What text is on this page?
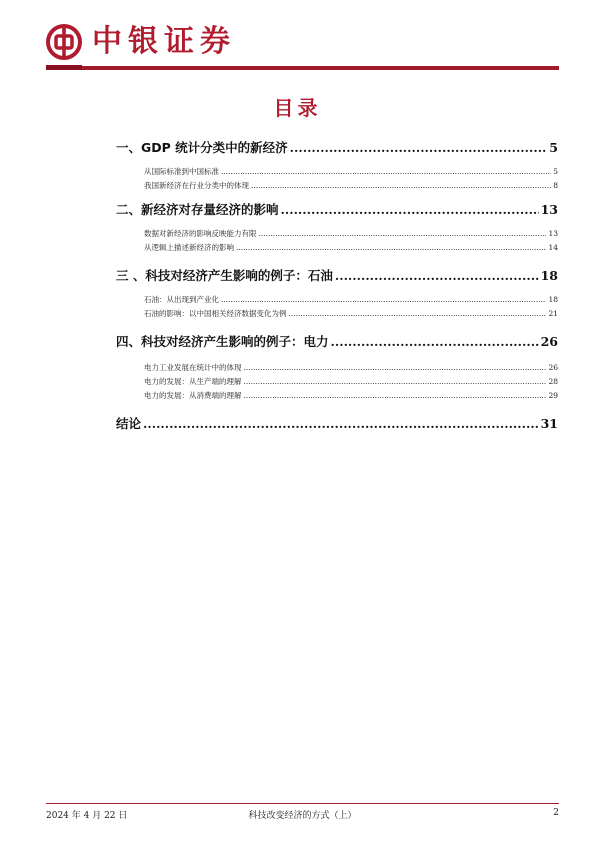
中银证券
目录
一、GDP 统计分类中的新经济 .....	5
从国际标准到中国标准 .....	5
我国新经济在行业分类中的体现 .....	8
二、新经济对存量经济的影响 .....	13
数据对新经济的影响反映能力有限 .....	13
从逻辑上描述新经济的影响 .....	14
三 、科技对经济产生影响的例子：石油 .....	18
石油：从出现到产业化 .....	18
石油的影响：以中国相关经济数据变化为例 .....	21
四、科技对经济产生影响的例子：电力 .....	26
电力工业发展在统计中的体现 .....	26
电力的发展：从生产端的理解 .....	28
电力的发展：从消费端的理解 .....	29
结论 .....	31
2024 年 4 月 22 日	科技改变经济的方式（上）	2
